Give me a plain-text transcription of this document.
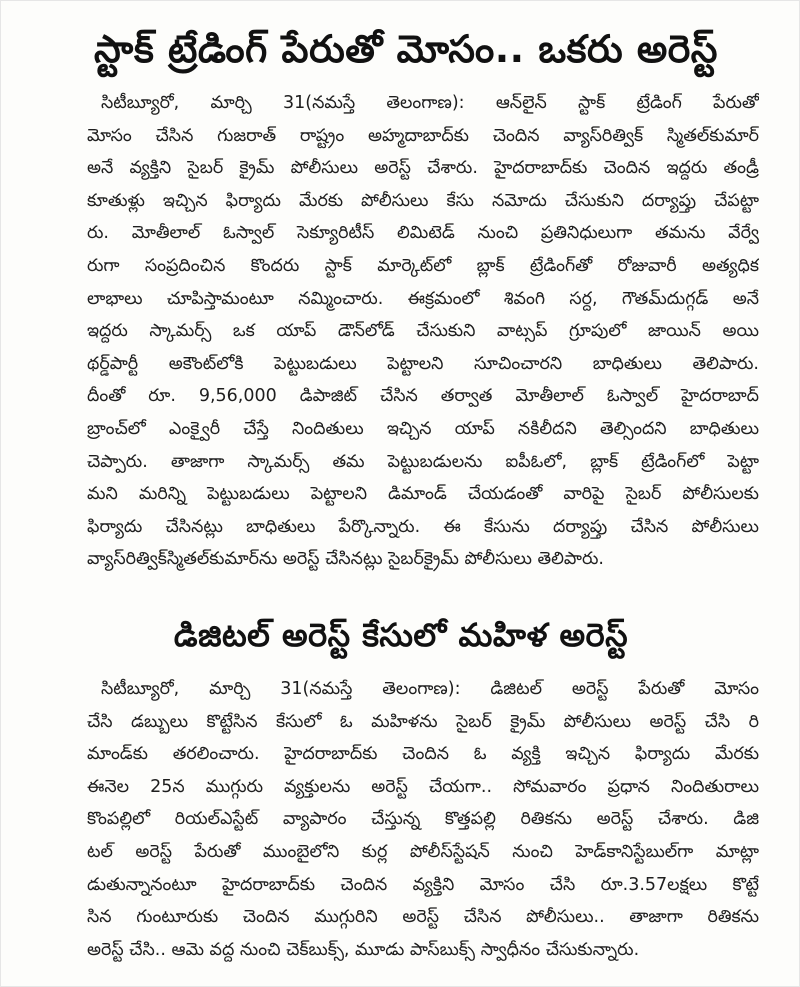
స్టాక్ ట్రేడింగ్ పేరుతో మోసం.. ఒకరు అరెస్ట్
సిటీబ్యూరో, మార్చి 31(నమస్తే తెలంగాణ): ఆన్‌లైన్ స్టాక్ ట్రేడింగ్ పేరుతో
మోసం చేసిన గుజరాత్ రాష్ట్రం అహ్మదాబాద్‌కు చెందిన వ్యాస్‌రిత్విక్ స్మితల్‌కుమార్
అనే వ్యక్తిని సైబర్ క్రైమ్ పోలీసులు అరెస్ట్ చేశారు. హైదరాబాద్‌కు చెందిన ఇద్దరు తండ్రీ
కూతుళ్లు ఇచ్చిన ఫిర్యాదు మేరకు పోలీసులు కేసు నమోదు చేసుకుని దర్యాప్తు చేపట్టా
రు. మోతీలాల్ ఓస్వాల్ సెక్యూరిటీస్ లిమిటెడ్ నుంచి ప్రతినిధులుగా తమను వేర్వే
రుగా సంప్రదించిన కొందరు స్టాక్ మార్కెట్‌లో బ్లాక్ ట్రేడింగ్‌తో రోజువారీ అత్యధిక
లాభాలు చూపిస్తామంటూ నమ్మించారు. ఈక్రమంలో శివంగి సర్ద, గౌతమ్‌దుగ్గడ్ అనే
ఇద్దరు స్కామర్స్ ఒక యాప్ డౌన్‌లోడ్ చేసుకుని వాట్సప్ గ్రూపులో జాయిన్ అయి
థర్డ్‌పార్టీ అకౌంట్‌లోకి పెట్టుబడులు పెట్టాలని సూచించారని బాధితులు తెలిపారు.
దీంతో రూ. 9,56,000 డిపాజిట్ చేసిన తర్వాత మోతీలాల్ ఓస్వాల్ హైదరాబాద్
బ్రాంచ్‌లో ఎంక్వైరీ చేస్తే నిందితులు ఇచ్చిన యాప్ నకిలీదని తెల్సిందని బాధితులు
చెప్పారు. తాజాగా స్కామర్స్ తమ పెట్టుబడులను ఐపీఓలో, బ్లాక్ ట్రేడింగ్‌లో పెట్టా
మని మరిన్ని పెట్టుబడులు పెట్టాలని డిమాండ్ చేయడంతో వారిపై సైబర్ పోలీసులకు
ఫిర్యాదు చేసినట్లు బాధితులు పేర్కొన్నారు. ఈ కేసును దర్యాప్తు చేసిన పోలీసులు
వ్యాస్‌రిత్విక్‌స్మితల్‌కుమార్‌ను అరెస్ట్ చేసినట్లు సైబర్‌క్రైమ్ పోలీసులు తెలిపారు.
డిజిటల్ అరెస్ట్ కేసులో మహిళ అరెస్ట్
సిటీబ్యూరో, మార్చి 31(నమస్తే తెలంగాణ): డిజిటల్ అరెస్ట్ పేరుతో మోసం
చేసి డబ్బులు కొట్టేసిన కేసులో ఓ మహిళను సైబర్ క్రైమ్ పోలీసులు అరెస్ట్ చేసి రి
మాండ్‌కు తరలించారు. హైదరాబాద్‌కు చెందిన ఓ వ్యక్తి ఇచ్చిన ఫిర్యాదు మేరకు
ఈనెల 25న ముగ్గురు వ్యక్తులను అరెస్ట్ చేయగా.. సోమవారం ప్రధాన నిందితురాలు
కొంపల్లిలో రియల్‌ఎస్టేట్ వ్యాపారం చేస్తున్న కొత్తపల్లి రితికను అరెస్ట్ చేశారు. డిజి
టల్ అరెస్ట్ పేరుతో ముంబైలోని కుర్ల పోలీస్‌స్టేషన్ నుంచి హెడ్‌కానిస్టేబుల్‌గా మాట్లా
డుతున్నానంటూ హైదరాబాద్‌కు చెందిన వ్యక్తిని మోసం చేసి రూ.3.57లక్షలు కొట్టే
సిన గుంటూరుకు చెందిన ముగ్గురిని అరెస్ట్ చేసిన పోలీసులు.. తాజాగా రితికను
అరెస్ట్ చేసి.. ఆమె వద్ద నుంచి చెక్‌బుక్స్, మూడు పాస్‌బుక్స్ స్వాధీనం చేసుకున్నారు.
